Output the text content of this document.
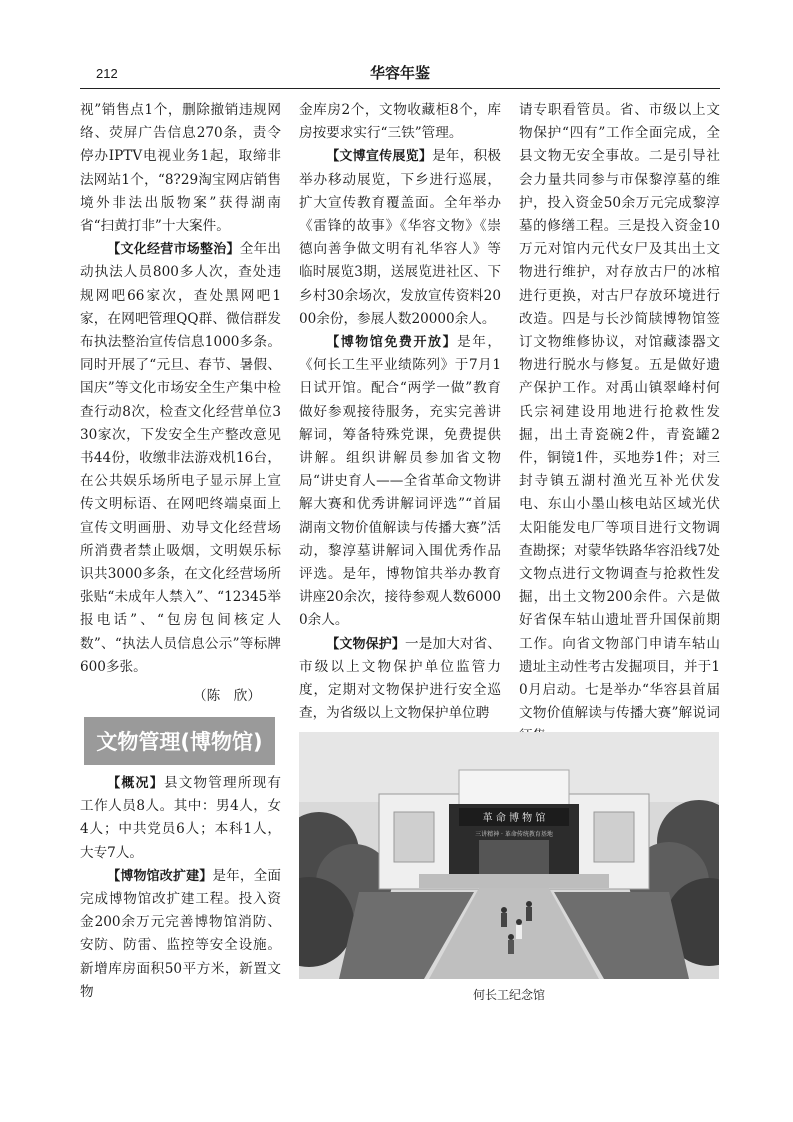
212	华容年鉴

视”销售点1个，删除撤销违规网络、荧屏广告信息270条，责令停办IPTV电视业务1起，取缔非法网站1个，“8?29淘宝网店销售境外非法出版物案”获得湖南省“扫黄打非”十大案件。

【文化经营市场整治】全年出动执法人员800多人次，查处违规网吧66家次，查处黑网吧1家，在网吧管理QQ群、微信群发布执法整治宣传信息1000多条。同时开展了“元旦、春节、暑假、国庆”等文化市场安全生产集中检查行动8次，检查文化经营单位330家次，下发安全生产整改意见书44份，收缴非法游戏机16台，在公共娱乐场所电子显示屏上宣传文明标语、在网吧终端桌面上宣传文明画册、劝导文化经营场所消费者禁止吸烟，文明娱乐标识共3000多条，在文化经营场所张贴“未成年人禁入”、“12345举报电话”、“包房包间核定人数”、“执法人员信息公示”等标牌600多张。

（陈　欣）

文物管理(博物馆)

【概况】县文物管理所现有工作人员8人。其中：男4人，女4人；中共党员6人；本科1人，大专7人。

【博物馆改扩建】是年，全面完成博物馆改扩建工程。投入资金200余万元完善博物馆消防、安防、防雷、监控等安全设施。新增库房面积50平方米，新置文物

金库房2个，文物收藏柜8个，库房按要求实行“三铁”管理。

【文博宣传展览】是年，积极举办移动展览，下乡进行巡展，扩大宣传教育覆盖面。全年举办《雷锋的故事》《华容文物》《崇德向善争做文明有礼华容人》等临时展览3期，送展览进社区、下乡村30余场次，发放宣传资料2000余份，参展人数20000余人。

【博物馆免费开放】是年，《何长工生平业绩陈列》于7月1日试开馆。配合“两学一做”教育做好参观接待服务，充实完善讲解词，筹备特殊党课，免费提供讲解。组织讲解员参加省文物局“讲史育人——全省革命文物讲解大赛和优秀讲解词评选”“首届湖南文物价值解读与传播大赛”活动，黎淳墓讲解词入围优秀作品评选。是年，博物馆共举办教育讲座20余次，接待参观人数60000余人。

【文物保护】一是加大对省、市级以上文物保护单位监管力度，定期对文物保护进行安全巡查，为省级以上文物保护单位聘

请专职看管员。省、市级以上文物保护“四有”工作全面完成，全县文物无安全事故。二是引导社会力量共同参与市保黎淳墓的维护，投入资金50余万元完成黎淳墓的修缮工程。三是投入资金10万元对馆内元代女尸及其出土文物进行维护，对存放古尸的冰棺进行更换，对古尸存放环境进行改造。四是与长沙简牍博物馆签订文物维修协议，对馆藏漆器文物进行脱水与修复。五是做好遗产保护工作。对禹山镇翠峰村何氏宗祠建设用地进行抢救性发掘，出土青瓷碗2件，青瓷罐2件，铜镜1件，买地券1件；对三封寺镇五湖村渔光互补光伏发电、东山小墨山核电站区域光伏太阳能发电厂等项目进行文物调查勘探；对蒙华铁路华容沿线7处文物点进行文物调查与抢救性发掘，出土文物200余件。六是做好省保车轱山遗址晋升国保前期工作。向省文物部门申请车轱山遗址主动性考古发掘项目，并于10月启动。七是举办“华容县首届文物价值解读与传播大赛”解说词

革 命 博 物 馆
三讲精神 · 革命传统教育基地
何长工纪念馆
